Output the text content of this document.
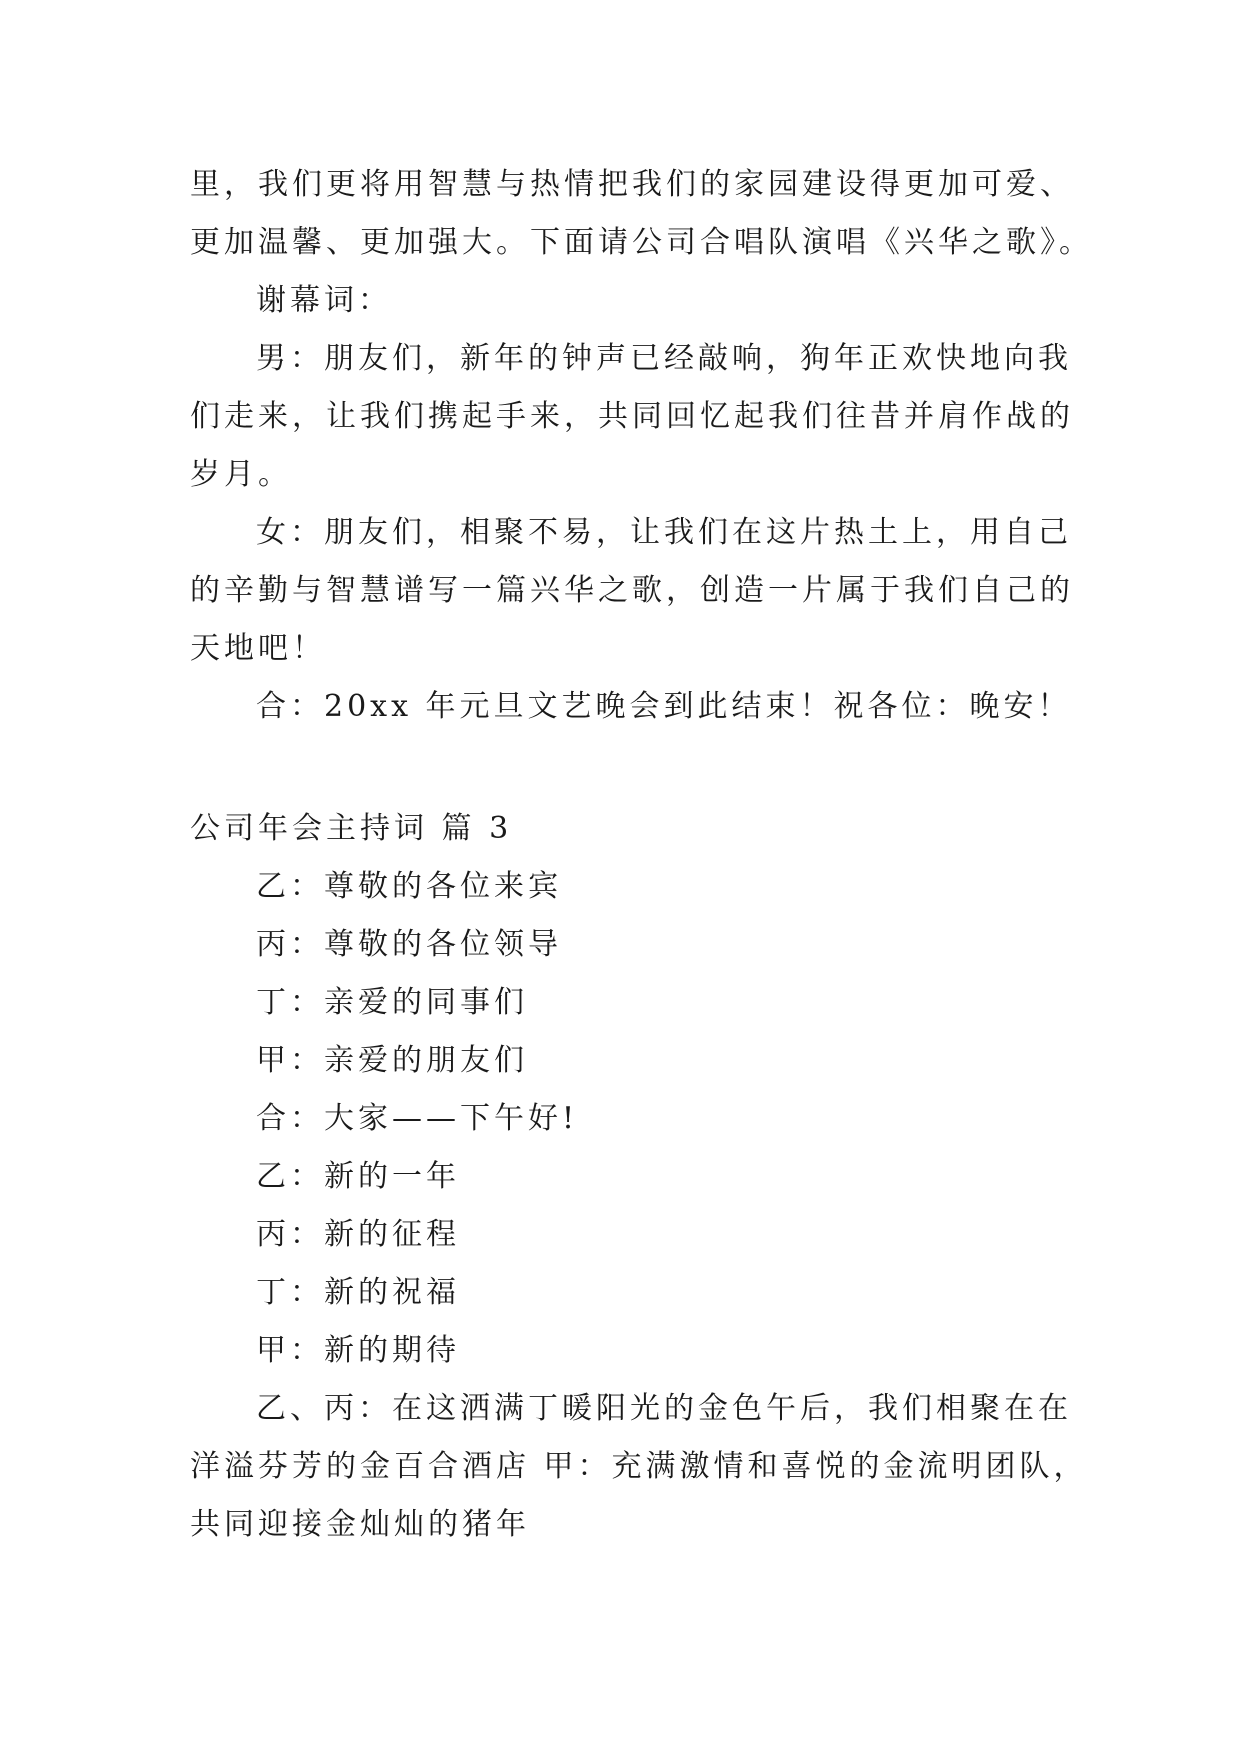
里，我们更将用智慧与热情把我们的家园建设得更加可爱、
更加温馨、更加强大。下面请公司合唱队演唱《兴华之歌》。

谢幕词：

男：朋友们，新年的钟声已经敲响，狗年正欢快地向我
们走来，让我们携起手来，共同回忆起我们往昔并肩作战的
岁月。

女：朋友们，相聚不易，让我们在这片热土上，用自己
的辛勤与智慧谱写一篇兴华之歌，创造一片属于我们自己的
天地吧！

合：20xx 年元旦文艺晚会到此结束！祝各位：晚安！

公司年会主持词 篇 3
乙：尊敬的各位来宾
丙：尊敬的各位领导
丁：亲爱的同事们
甲：亲爱的朋友们
合：大家——下午好!
乙：新的一年
丙：新的征程
丁：新的祝福
甲：新的期待

乙、丙：在这洒满丁暖阳光的金色午后，我们相聚在在
洋溢芬芳的金百合酒店 甲：充满激情和喜悦的金流明团队，
共同迎接金灿灿的猪年
